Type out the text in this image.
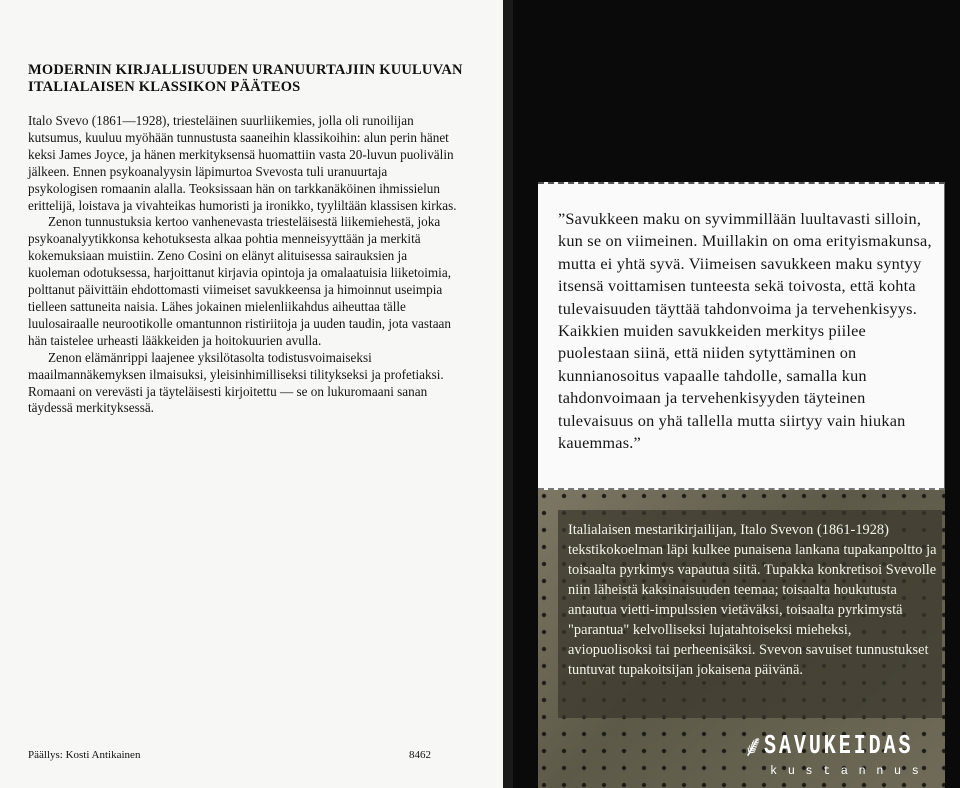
MODERNIN KIRJALLISUUDEN URANUURTAJIIN KUULUVAN ITALIALAISEN KLASSIKON PÄÄTEOS

Italo Svevo (1861—1928), triesteläinen suurliikemies, jolla oli runoilijan kutsumus, kuuluu myöhään tunnustusta saaneihin klassikoihin: alun perin hänet keksi James Joyce, ja hänen merkityksensä huomattiin vasta 20-luvun puolivälin jälkeen. Ennen psykoanalyysin läpimurtoa Svevosta tuli uranuurtaja psykologisen romaanin alalla. Teoksissaan hän on tarkkanäköinen ihmissielun erittelijä, loistava ja vivahteikas humoristi ja ironikko, tyyliltään klassisen kirkas.

Zenon tunnustuksia kertoo vanhenevasta triesteläisestä liikemiehestä, joka psykoanalyytikkonsa kehotuksesta alkaa pohtia menneisyyttään ja merkitä kokemuksiaan muistiin. Zeno Cosini on elänyt alituisessa sairauksien ja kuoleman odotuksessa, harjoittanut kirjavia opintoja ja omalaatuisia liiketoimia, polttanut päivittäin ehdottomasti viimeiset savukkeensa ja himoinnut useimpia tielleen sattuneita naisia. Lähes jokainen mielenliikahdus aiheuttaa tälle luulosairaalle neurootikolle omantunnon ristiriitoja ja uuden taudin, jota vastaan hän taistelee urheasti lääkkeiden ja hoitokuurien avulla.

Zenon elämänrippi laajenee yksilötasolta todistusvoimaiseksi maailmannäkemyksen ilmaisuksi, yleisinhimilliseksi tilitykseksi ja profetiaksi. Romaani on verevästi ja täyteläisesti kirjoitettu — se on lukuromaani sanan täydessä merkityksessä.

Päällys: Kosti Antikainen	8462

”Savukkeen maku on syvimmillään luultavasti silloin, kun se on viimeinen. Muillakin on oma erityismakunsa, mutta ei yhtä syvä. Viimeisen savukkeen maku syntyy itsensä voittamisen tunteesta sekä toivosta, että kohta tulevaisuuden täyttää tahdonvoima ja tervehenkisyys. Kaikkien muiden savukkeiden merkitys piilee puolestaan siinä, että niiden sytyttäminen on kunnianosoitus vapaalle tahdolle, samalla kun tahdonvoimaan ja tervehenkisyyden täyteinen tulevaisuus on yhä tallella mutta siirtyy vain hiukan kauemmas.”

Italialaisen mestarikirjailijan, Italo Svevon (1861-1928) tekstikokoelman läpi kulkee punaisena lankana tupakanpoltto ja toisaalta pyrkimys vapautua siitä. Tupakka konkretisoi Svevolle niin läheistä kaksinaisuuden teemaa; toisaalta houkutusta antautua vietti-impulssien vietäväksi, toisaalta pyrkimystä "parantua" kelvolliseksi lujatahtoiseksi mieheksi, aviopuolisoksi tai perheenisäksi. Svevon savuiset tunnustukset tuntuvat tupakoitsijan jokaisena päivänä.

⸙ SAVUKEIDAS
kustannus
